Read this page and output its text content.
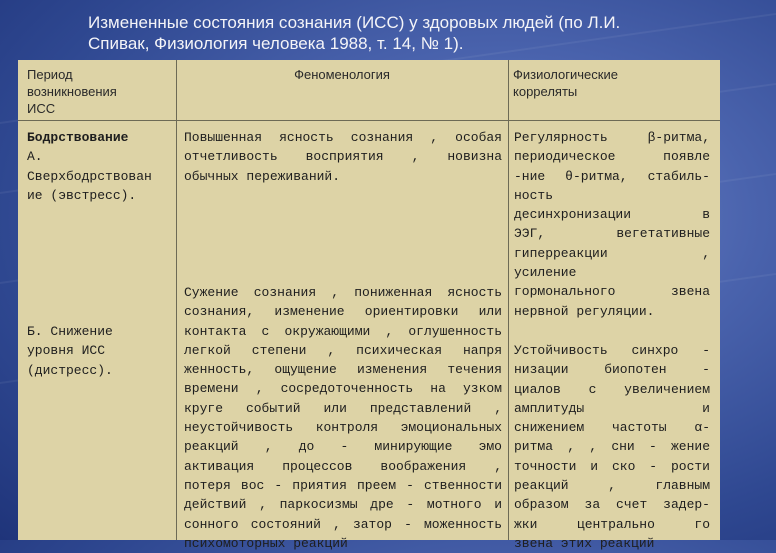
Измененные состояния сознания (ИСС) у здоровых людей (по Л.И.
Спивак, Физиология человека 1988, т. 14, № 1).
Период
возникновения
ИСС
Феноменология	Физиологические
корреляты
Бодрствование
А.
Сверхбодрствован
ие (эвстресс).
Повышенная ясность сознания , особая
отчетливость восприятия , новизна
обычных переживаний.
Регулярность β-ритма,
периодическое появле
-ние θ-ритма, стабиль-
ность
десинхронизации в
ЭЭГ, вегетативные
гиперреакции ,
усиление
гормонального звена
нервной регуляции.
Б. Снижение
уровня ИСС
(дистресс).
Сужение сознания , пониженная ясность
сознания, изменение ориентировки или
контакта с окружающими , оглушенность
легкой степени , психическая напря
женность, ощущение изменения течения
времени , сосредоточенность на узком
круге событий или представлений ,
неустойчивость контроля эмоциональных
реакций , до - минирующие эмо
активация процессов воображения ,
потеря вос - приятия преем - ственности
действий , паркосизмы дре - мотного и
сонного состояний , затор - моженность
психомоторных реакций
Устойчивость синхро -
низации биопотен -
циалов с увеличением
амплитуды и
снижением частоты α-
ритма , , сни - жение
точности и ско - рости
реакций , главным
образом за счет задер-
жки центрально го
звена этих реакций
